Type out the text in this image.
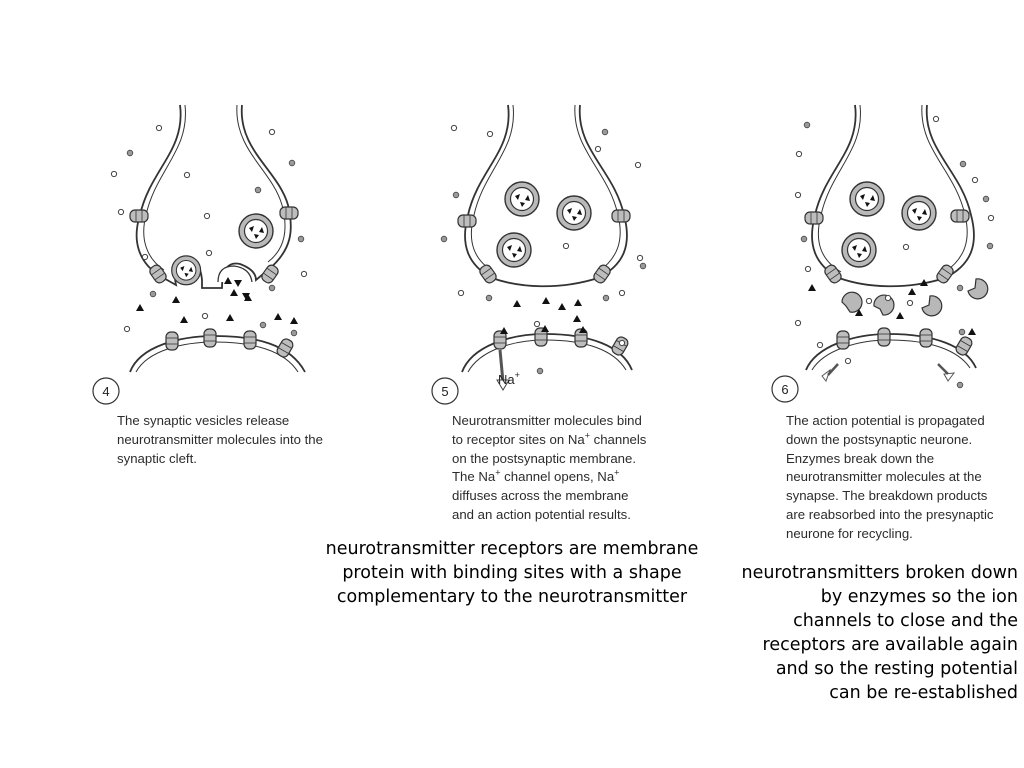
4
Na+
5	6
The synaptic vesicles release
neurotransmitter molecules into the
synaptic cleft.
Neurotransmitter molecules bind
to receptor sites on Na+ channels
on the postsynaptic membrane.
The Na+ channel opens, Na+
diffuses across the membrane
and an action potential results.
The action potential is propagated
down the postsynaptic neurone.
Enzymes break down the
neurotransmitter molecules at the
synapse. The breakdown products
are reabsorbed into the presynaptic
neurone for recycling.
neurotransmitter receptors are membrane protein with binding sites with a shape complementary to the neurotransmitter
neurotransmitters broken down by enzymes so the ion channels to close and the receptors are available again and so the resting potential can be re-established
